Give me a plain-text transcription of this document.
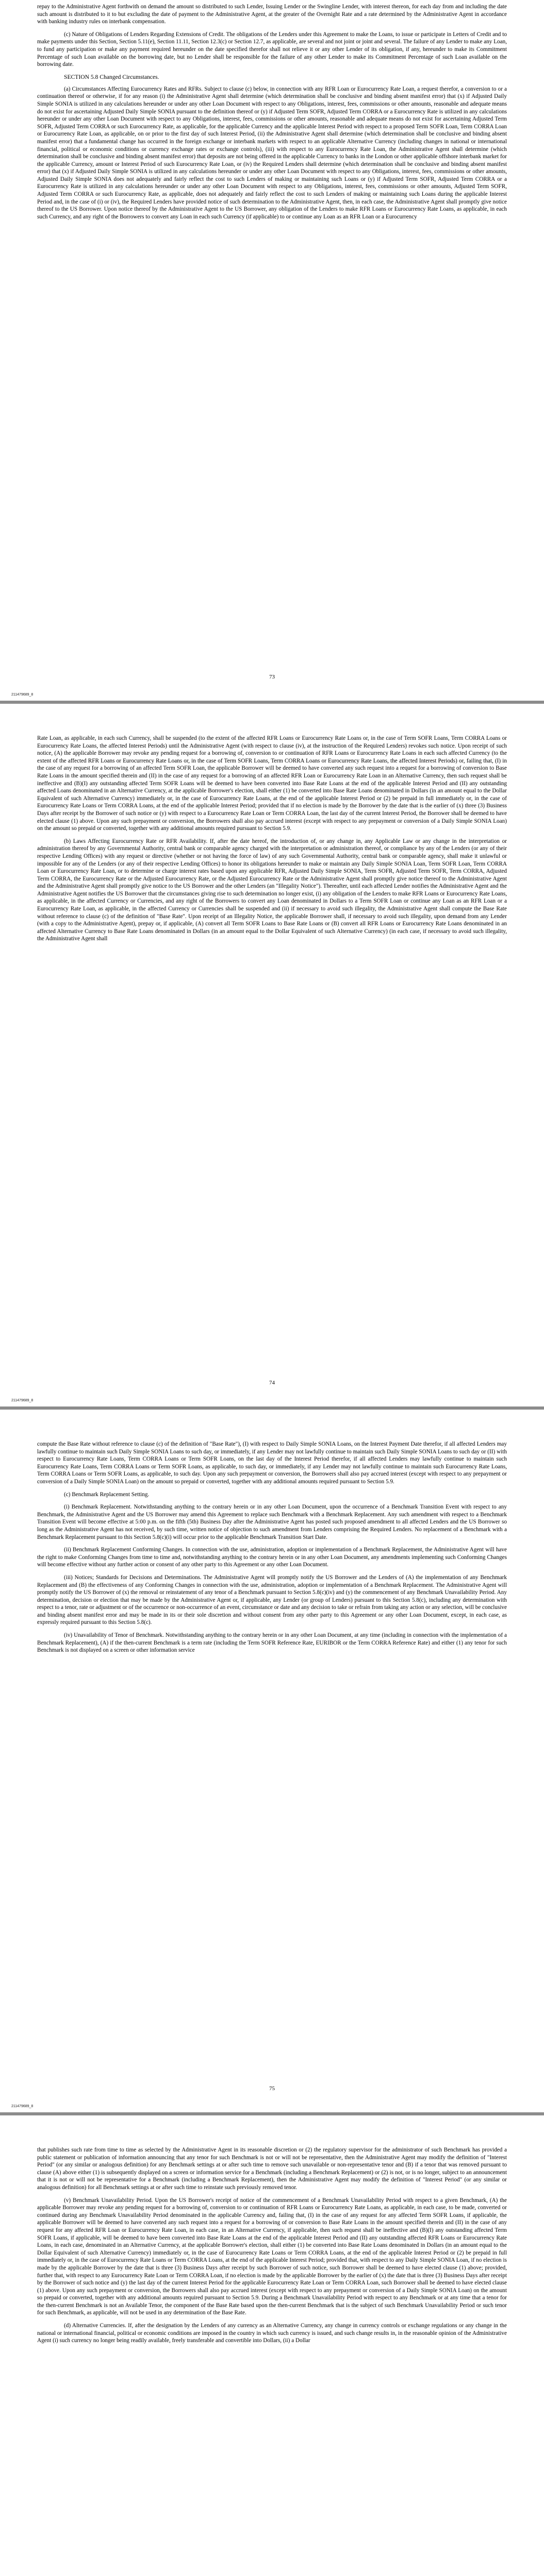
repay to the Administrative Agent forthwith on demand the amount so distributed to such Lender, Issuing Lender or the Swingline Lender, with interest thereon, for each day from and including the date such amount is distributed to it to but excluding the date of payment to the Administrative Agent, at the greater of the Overnight Rate and a rate determined by the Administrative Agent in accordance with banking industry rules on interbank compensation.

(c) Nature of Obligations of Lenders Regarding Extensions of Credit. The obligations of the Lenders under this Agreement to make the Loans, to issue or participate in Letters of Credit and to make payments under this Section, Section 5.11(e), Section 11.11, Section 12.3(c) or Section 12.7, as applicable, are several and not joint or joint and several. The failure of any Lender to make any Loan, to fund any participation or make any payment required hereunder on the date specified therefor shall not relieve it or any other Lender of its obligation, if any, hereunder to make its Commitment Percentage of such Loan available on the borrowing date, but no Lender shall be responsible for the failure of any other Lender to make its Commitment Percentage of such Loan available on the borrowing date.

SECTION 5.8 Changed Circumstances.

(a) Circumstances Affecting Eurocurrency Rates and RFRs. Subject to clause (c) below, in connection with any RFR Loan or Eurocurrency Rate Loan, a request therefor, a conversion to or a continuation thereof or otherwise, if for any reason (i) the Administrative Agent shall determine (which determination shall be conclusive and binding absent manifest error) that (x) if Adjusted Daily Simple SONIA is utilized in any calculations hereunder or under any other Loan Document with respect to any Obligations, interest, fees, commissions or other amounts, reasonable and adequate means do not exist for ascertaining Adjusted Daily Simple SONIA pursuant to the definition thereof or (y) if Adjusted Term SOFR, Adjusted Term CORRA or a Eurocurrency Rate is utilized in any calculations hereunder or under any other Loan Document with respect to any Obligations, interest, fees, commissions or other amounts, reasonable and adequate means do not exist for ascertaining Adjusted Term SOFR, Adjusted Term CORRA or such Eurocurrency Rate, as applicable, for the applicable Currency and the applicable Interest Period with respect to a proposed Term SOFR Loan, Term CORRA Loan or Eurocurrency Rate Loan, as applicable, on or prior to the first day of such Interest Period, (ii) the Administrative Agent shall determine (which determination shall be conclusive and binding absent manifest error) that a fundamental change has occurred in the foreign exchange or interbank markets with respect to an applicable Alternative Currency (including changes in national or international financial, political or economic conditions or currency exchange rates or exchange controls), (iii) with respect to any Eurocurrency Rate Loan, the Administrative Agent shall determine (which determination shall be conclusive and binding absent manifest error) that deposits are not being offered in the applicable Currency to banks in the London or other applicable offshore interbank market for the applicable Currency, amount or Interest Period of such Eurocurrency Rate Loan, or (iv) the Required Lenders shall determine (which determination shall be conclusive and binding absent manifest error) that (x) if Adjusted Daily Simple SONIA is utilized in any calculations hereunder or under any other Loan Document with respect to any Obligations, interest, fees, commissions or other amounts, Adjusted Daily Simple SONIA does not adequately and fairly reflect the cost to such Lenders of making or maintaining such Loans or (y) if Adjusted Term SOFR, Adjusted Term CORRA or a Eurocurrency Rate is utilized in any calculations hereunder or under any other Loan Document with respect to any Obligations, interest, fees, commissions or other amounts, Adjusted Term SOFR, Adjusted Term CORRA or such Eurocurrency Rate, as applicable, does not adequately and fairly reflect the cost to such Lenders of making or maintaining such Loans during the applicable Interest Period and, in the case of (i) or (iv), the Required Lenders have provided notice of such determination to the Administrative Agent, then, in each case, the Administrative Agent shall promptly give notice thereof to the US Borrower. Upon notice thereof by the Administrative Agent to the US Borrower, any obligation of the Lenders to make RFR Loans or Eurocurrency Rate Loans, as applicable, in each such Currency, and any right of the Borrowers to convert any Loan in each such Currency (if applicable) to or continue any Loan as an RFR Loan or a Eurocurrency

73
211479689_8

Rate Loan, as applicable, in each such Currency, shall be suspended (to the extent of the affected RFR Loans or Eurocurrency Rate Loans or, in the case of Term SOFR Loans, Term CORRA Loans or Eurocurrency Rate Loans, the affected Interest Periods) until the Administrative Agent (with respect to clause (iv), at the instruction of the Required Lenders) revokes such notice. Upon receipt of such notice, (A) the applicable Borrower may revoke any pending request for a borrowing of, conversion to or continuation of RFR Loans or Eurocurrency Rate Loans in each such affected Currency (to the extent of the affected RFR Loans or Eurocurrency Rate Loans or, in the case of Term SOFR Loans, Term CORRA Loans or Eurocurrency Rate Loans, the affected Interest Periods) or, failing that, (I) in the case of any request for a borrowing of an affected Term SOFR Loan, the applicable Borrower will be deemed to have converted any such request into a request for a borrowing of conversion to Base Rate Loans in the amount specified therein and (II) in the case of any request for a borrowing of an affected RFR Loan or Eurocurrency Rate Loan in an Alternative Currency, then such request shall be ineffective and (B)(I) any outstanding affected Term SOFR Loans will be deemed to have been converted into Base Rate Loans at the end of the applicable Interest Period and (II) any outstanding affected Loans denominated in an Alternative Currency, at the applicable Borrower's election, shall either (1) be converted into Base Rate Loans denominated in Dollars (in an amount equal to the Dollar Equivalent of such Alternative Currency) immediately or, in the case of Eurocurrency Rate Loans, at the end of the applicable Interest Period or (2) be prepaid in full immediately or, in the case of Eurocurrency Rate Loans or Term CORRA Loans, at the end of the applicable Interest Period; provided that if no election is made by the Borrower by the date that is the earlier of (x) three (3) Business Days after receipt by the Borrower of such notice or (y) with respect to a Eurocurrency Rate Loan or Term CORRA Loan, the last day of the current Interest Period, the Borrower shall be deemed to have elected clause (1) above. Upon any such prepayment or conversion, the Borrowers shall also pay accrued interest (except with respect to any prepayment or conversion of a Daily Simple SONIA Loan) on the amount so prepaid or converted, together with any additional amounts required pursuant to Section 5.9.

(b) Laws Affecting Eurocurrency Rate or RFR Availability. If, after the date hereof, the introduction of, or any change in, any Applicable Law or any change in the interpretation or administration thereof by any Governmental Authority, central bank or comparable agency charged with the interpretation or administration thereof, or compliance by any of the Lenders (or any of their respective Lending Offices) with any request or directive (whether or not having the force of law) of any such Governmental Authority, central bank or comparable agency, shall make it unlawful or impossible for any of the Lenders (or any of their respective Lending Offices) to honor its obligations hereunder to make or maintain any Daily Simple SONIA Loan, Term SOFR Loan, Term CORRA Loan or Eurocurrency Rate Loan, or to determine or charge interest rates based upon any applicable RFR, Adjusted Daily Simple SONIA, Term SOFR, Adjusted Term SOFR, Term CORRA, Adjusted Term CORRA, the Eurocurrency Rate or the Adjusted Eurocurrency Rate, or the Adjusted Eurocurrency Rate or the Administrative Agent shall promptly give notice thereof to the Administrative Agent and the Administrative Agent shall promptly give notice to the US Borrower and the other Lenders (an "Illegality Notice"). Thereafter, until each affected Lender notifies the Administrative Agent and the Administrative Agent notifies the US Borrower that the circumstances giving rise to such determination no longer exist, (i) any obligation of the Lenders to make RFR Loans or Eurocurrency Rate Loans, as applicable, in the affected Currency or Currencies, and any right of the Borrowers to convert any Loan denominated in Dollars to a Term SOFR Loan or continue any Loan as an RFR Loan or a Eurocurrency Rate Loan, as applicable, in the affected Currency or Currencies shall be suspended and (ii) if necessary to avoid such illegality, the Administrative Agent shall compute the Base Rate without reference to clause (c) of the definition of "Base Rate". Upon receipt of an Illegality Notice, the applicable Borrower shall, if necessary to avoid such illegality, upon demand from any Lender (with a copy to the Administrative Agent), prepay or, if applicable, (A) convert all Term SOFR Loans to Base Rate Loans or (B) convert all RFR Loans or Eurocurrency Rate Loans denominated in an affected Alternative Currency to Base Rate Loans denominated in Dollars (in an amount equal to the Dollar Equivalent of such Alternative Currency) (in each case, if necessary to avoid such illegality, the Administrative Agent shall

74
211479689_8

compute the Base Rate without reference to clause (c) of the definition of "Base Rate"), (I) with respect to Daily Simple SONIA Loans, on the Interest Payment Date therefor, if all affected Lenders may lawfully continue to maintain such Daily Simple SONIA Loans to such day, or immediately, if any Lender may not lawfully continue to maintain such Daily Simple SONIA Loans to such day or (II) with respect to Eurocurrency Rate Loans, Term CORRA Loans or Term SOFR Loans, on the last day of the Interest Period therefor, if all affected Lenders may lawfully continue to maintain such Eurocurrency Rate Loans, Term CORRA Loans or Term SOFR Loans, as applicable, to such day, or immediately, if any Lender may not lawfully continue to maintain such Eurocurrency Rate Loans, Term CORRA Loans or Term SOFR Loans, as applicable, to such day. Upon any such prepayment or conversion, the Borrowers shall also pay accrued interest (except with respect to any prepayment or conversion of a Daily Simple SONIA Loan) on the amount so prepaid or converted, together with any additional amounts required pursuant to Section 5.9.

(c) Benchmark Replacement Setting.

(i) Benchmark Replacement. Notwithstanding anything to the contrary herein or in any other Loan Document, upon the occurrence of a Benchmark Transition Event with respect to any Benchmark, the Administrative Agent and the US Borrower may amend this Agreement to replace such Benchmark with a Benchmark Replacement. Any such amendment with respect to a Benchmark Transition Event will become effective at 5:00 p.m. on the fifth (5th) Business Day after the Administrative Agent has posted such proposed amendment to all affected Lenders and the US Borrower so long as the Administrative Agent has not received, by such time, written notice of objection to such amendment from Lenders comprising the Required Lenders. No replacement of a Benchmark with a Benchmark Replacement pursuant to this Section 5.8(c)(i) will occur prior to the applicable Benchmark Transition Start Date.

(ii) Benchmark Replacement Conforming Changes. In connection with the use, administration, adoption or implementation of a Benchmark Replacement, the Administrative Agent will have the right to make Conforming Changes from time to time and, notwithstanding anything to the contrary herein or in any other Loan Document, any amendments implementing such Conforming Changes will become effective without any further action or consent of any other party to this Agreement or any other Loan Document.

(iii) Notices; Standards for Decisions and Determinations. The Administrative Agent will promptly notify the US Borrower and the Lenders of (A) the implementation of any Benchmark Replacement and (B) the effectiveness of any Conforming Changes in connection with the use, administration, adoption or implementation of a Benchmark Replacement. The Administrative Agent will promptly notify the US Borrower of (x) the removal or reinstatement of any tenor of a Benchmark pursuant to Section 5.8(c)(iv) and (y) the commencement of any Benchmark Unavailability Period. Any determination, decision or election that may be made by the Administrative Agent or, if applicable, any Lender (or group of Lenders) pursuant to this Section 5.8(c), including any determination with respect to a tenor, rate or adjustment or of the occurrence or non-occurrence of an event, circumstance or date and any decision to take or refrain from taking any action or any selection, will be conclusive and binding absent manifest error and may be made in its or their sole discretion and without consent from any other party to this Agreement or any other Loan Document, except, in each case, as expressly required pursuant to this Section 5.8(c).

(iv) Unavailability of Tenor of Benchmark. Notwithstanding anything to the contrary herein or in any other Loan Document, at any time (including in connection with the implementation of a Benchmark Replacement), (A) if the then-current Benchmark is a term rate (including the Term SOFR Reference Rate, EURIBOR or the Term CORRA Reference Rate) and either (1) any tenor for such Benchmark is not displayed on a screen or other information service

75
211479689_8

that publishes such rate from time to time as selected by the Administrative Agent in its reasonable discretion or (2) the regulatory supervisor for the administrator of such Benchmark has provided a public statement or publication of information announcing that any tenor for such Benchmark is not or will not be representative, then the Administrative Agent may modify the definition of "Interest Period" (or any similar or analogous definition) for any Benchmark settings at or after such time to remove such unavailable or non-representative tenor and (B) if a tenor that was removed pursuant to clause (A) above either (1) is subsequently displayed on a screen or information service for a Benchmark (including a Benchmark Replacement) or (2) is not, or is no longer, subject to an announcement that it is not or will not be representative for a Benchmark (including a Benchmark Replacement), then the Administrative Agent may modify the definition of "Interest Period" (or any similar or analogous definition) for all Benchmark settings at or after such time to reinstate such previously removed tenor.

(v) Benchmark Unavailability Period. Upon the US Borrower's receipt of notice of the commencement of a Benchmark Unavailability Period with respect to a given Benchmark, (A) the applicable Borrower may revoke any pending request for a borrowing of, conversion to or continuation of RFR Loans or Eurocurrency Rate Loans, as applicable, in each case, to be made, converted or continued during any Benchmark Unavailability Period denominated in the applicable Currency and, failing that, (I) in the case of any request for any affected Term SOFR Loans, if applicable, the applicable Borrower will be deemed to have converted any such request into a request for a borrowing of or conversion to Base Rate Loans in the amount specified therein and (II) in the case of any request for any affected RFR Loan or Eurocurrency Rate Loan, in each case, in an Alternative Currency, if applicable, then such request shall be ineffective and (B)(I) any outstanding affected Term SOFR Loans, if applicable, will be deemed to have been converted into Base Rate Loans at the end of the applicable Interest Period and (II) any outstanding affected RFR Loans or Eurocurrency Rate Loans, in each case, denominated in an Alternative Currency, at the applicable Borrower's election, shall either (1) be converted into Base Rate Loans denominated in Dollars (in an amount equal to the Dollar Equivalent of such Alternative Currency) immediately or, in the case of Eurocurrency Rate Loans or Term CORRA Loans, at the end of the applicable Interest Period or (2) be prepaid in full immediately or, in the case of Eurocurrency Rate Loans or Term CORRA Loans, at the end of the applicable Interest Period; provided that, with respect to any Daily Simple SONIA Loan, if no election is made by the applicable Borrower by the date that is three (3) Business Days after receipt by such Borrower of such notice, such Borrower shall be deemed to have elected clause (1) above; provided, further that, with respect to any Eurocurrency Rate Loan or Term CORRA Loan, if no election is made by the applicable Borrower by the earlier of (x) the date that is three (3) Business Days after receipt by the Borrower of such notice and (y) the last day of the current Interest Period for the applicable Eurocurrency Rate Loan or Term CORRA Loan, such Borrower shall be deemed to have elected clause (1) above. Upon any such prepayment or conversion, the Borrowers shall also pay accrued interest (except with respect to any prepayment or conversion of a Daily Simple SONIA Loan) on the amount so prepaid or converted, together with any additional amounts required pursuant to Section 5.9. During a Benchmark Unavailability Period with respect to any Benchmark or at any time that a tenor for the then-current Benchmark is not an Available Tenor, the component of the Base Rate based upon the then-current Benchmark that is the subject of such Benchmark Unavailability Period or such tenor for such Benchmark, as applicable, will not be used in any determination of the Base Rate.

(d) Alternative Currencies. If, after the designation by the Lenders of any currency as an Alternative Currency, any change in currency controls or exchange regulations or any change in the national or international financial, political or economic conditions are imposed in the country in which such currency is issued, and such change results in, in the reasonable opinion of the Administrative Agent (i) such currency no longer being readily available, freely transferable and convertible into Dollars, (ii) a Dollar
